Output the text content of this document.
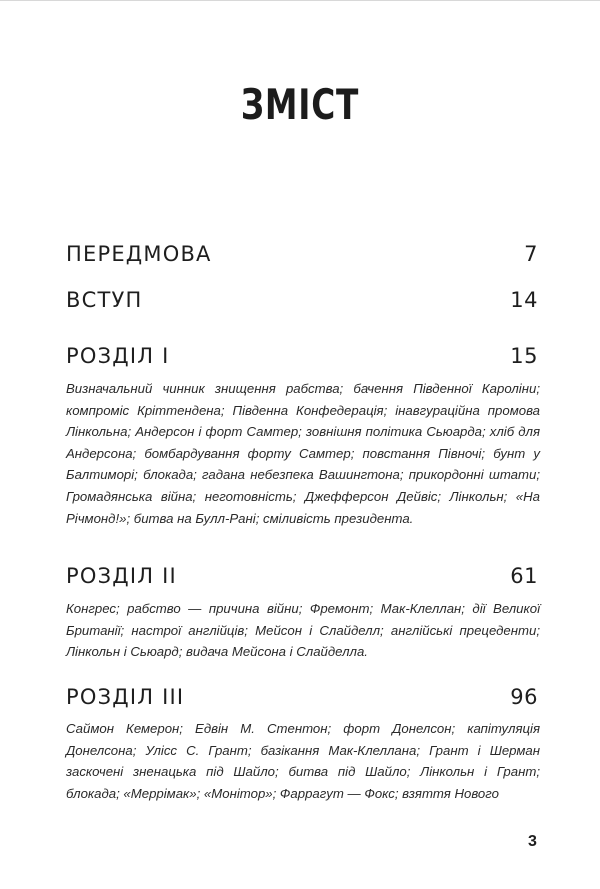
ЗМІСТ
ПЕРЕДМОВА	7
ВСТУП	14
РОЗДІЛ І	15
Визначальний чинник знищення рабства; бачення Південної Кароліни; компроміс Кріттендена; Південна Конфедерація; інавгураційна промова Лінкольна; Андерсон і форт Самтер; зовнішня політика Сьюарда; хліб для Андерсона; бомбардування форту Самтер; повстання Півночі; бунт у Балтиморі; блокада; гадана небезпека Вашингтона; прикордонні штати; Громадянська війна; неготовність; Джефферсон Дейвіс; Лінкольн; «На Річмонд!»; битва на Булл-Рані; сміливість президента.
РОЗДІЛ ІІ	61
Конгрес; рабство — причина війни; Фремонт; Мак-Клеллан; дії Великої Британії; настрої англійців; Мейсон і Слайделл; англійські прецеденти; Лінкольн і Сьюард; видача Мейсона і Слайделла.
РОЗДІЛ ІІІ	96
Саймон Кемерон; Едвін М. Стентон; форт Донелсон; капітуляція Донелсона; Улісс С. Грант; базікання Мак-Клеллана; Грант і Шерман заскочені зненацька під Шайло; битва під Шайло; Лінкольн і Грант; блокада; «Меррімак»; «Монітор»; Фаррагут — Фокс; взяття Нового
3
